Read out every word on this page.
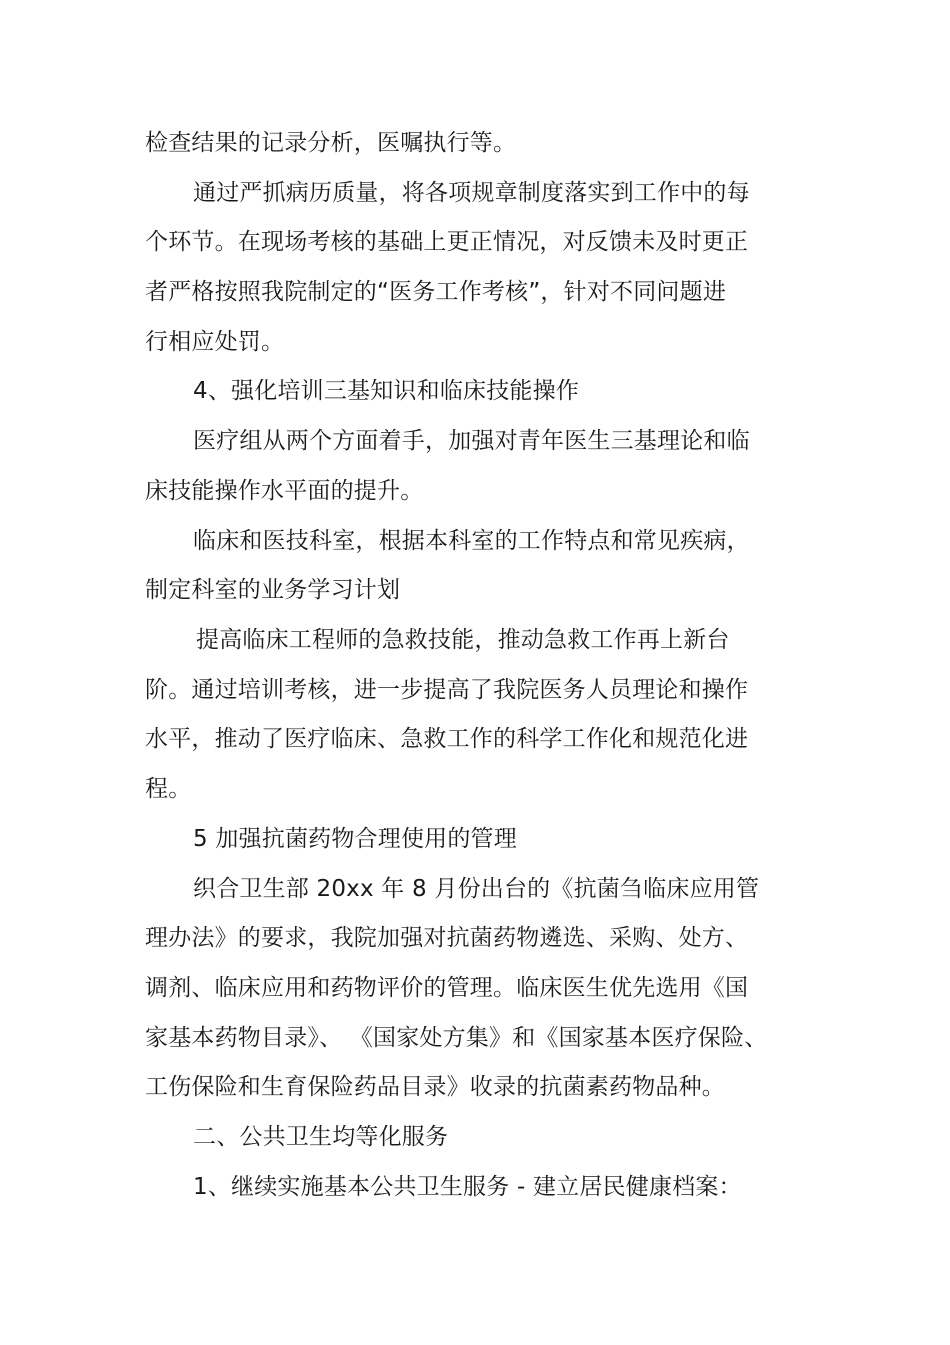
检查结果的记录分析，医嘱执行等。
通过严抓病历质量，将各项规章制度落实到工作中的每
个环节。在现场考核的基础上更正情况，对反馈未及时更正
者严格按照我院制定的“医务工作考核”，针对不同问题进
行相应处罚。
4、强化培训三基知识和临床技能操作
医疗组从两个方面着手，加强对青年医生三基理论和临
床技能操作水平面的提升。
临床和医技科室，根据本科室的工作特点和常见疾病，
制定科室的业务学习计划
提高临床工程师的急救技能，推动急救工作再上新台
阶。通过培训考核，进一步提高了我院医务人员理论和操作
水平，推动了医疗临床、急救工作的科学工作化和规范化进
程。
5 加强抗菌药物合理使用的管理
织合卫生部 20xx 年 8 月份出台的《抗菌刍临床应用管
理办法》的要求，我院加强对抗菌药物遴选、采购、处方、
调剂、临床应用和药物评价的管理。临床医生优先选用《国
家基本药物目录》、 《国家处方集》和《国家基本医疗保险、
工伤保险和生育保险药品目录》收录的抗菌素药物品种。
二、公共卫生均等化服务
1、继续实施基本公共卫生服务 - 建立居民健康档案：
